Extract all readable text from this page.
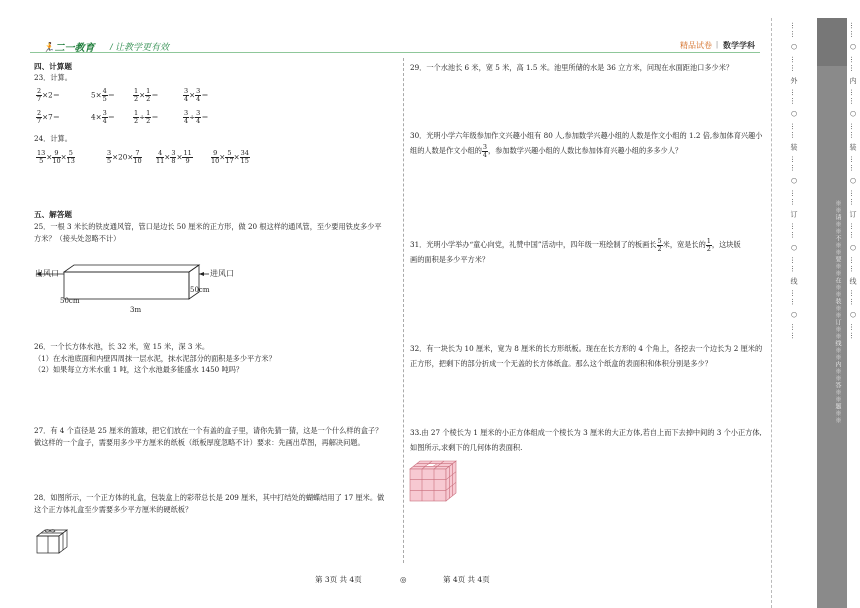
🏃二一教育 / 让教学更有效	精品试卷 | 数学学科
四、计算题
23．计算。
$\frac{2}{7} \times 2=$	$5\times \frac{4}{5}$ ＝	$\frac{1}{2} \times \frac{1}{2}$ ＝	$\frac{3}{4} \times \frac{3}{4}$ ＝
$\frac{2}{7} \times 7=$	$4\times \frac{3}{4}$ ＝	$\frac{1}{2} \div \frac{1}{2}$ ＝	$\frac{3}{4} \div \frac{3}{4}$ ＝
24．计算。
$\frac{13}{5} \times \frac{9}{10} \times \frac{5}{13}$	$\frac{3}{5} \times 20\times \frac{7}{10} \frac{4}{11} \times \frac{3}{8} \times \frac{11}{9}$	$\frac{9}{10} \times \frac{5}{17} \times \frac{34}{15}$
五、解答题
25．一根 3 米长的铁皮通风管，管口是边长 50 厘米的正方形，做 20 根这样的通风管，至少要用铁皮多少平
方米？（接头处忽略不计）
出风口	进风口
50cm
50cm
3m
26．一个长方体水池，长 32 米，宽 15 米，深 3 米。
（1）在水池底面和内壁四周抹一层水泥，抹水泥部分的面积是多少平方米？
（2）如果每立方米水重 1 吨，这个水池最多能盛水 1450 吨吗？
27．有 4 个直径是 25 厘米的篮球，把它们放在一个有盖的盒子里，请你先猜一猜，这是一个什么样的盒子？
做这样的一个盒子，需要用多少平方厘米的纸板（纸板厚度忽略不计）要求：先画出草图，再解决问题。
28．如图所示，一个正方体的礼盒，包装盒上的彩带总长是 209 厘米，其中打结处的蝴蝶结用了 17 厘米。做
这个正方体礼盒至少需要多少平方厘米的硬纸板？
29．一个水池长 6 米，宽 5 米，高 1.5 米。池里所储的水是 36 立方米，问现在水面距池口多少米？
30．光明小学六年级参加作文兴趣小组有 80 人,参加数学兴趣小组的人数是作文小组的 1.2 倍,参加体育兴趣小
组的人数是作文小组的 $\frac{3}{4}$ ，参加数学兴趣小组的人数比参加体育兴趣小组的多多少人？
31．光明小学举办“童心向党，礼赞中国”活动中，四年级一班绘制了的板画长 $\frac{5}{2}$ 米，宽是长的 $\frac{1}{2}$ ，这块版
画的面积是多少平方米？
32．有一块长为 10 厘米，宽为 8 厘米的长方形纸板。现在在长方形的 4 个角上，各挖去一个边长为 2 厘米的
正方形，把剩下的部分折成一个无盖的长方体纸盒。那么这个纸盒的表面积和体积分别是多少？
33.由 27 个棱长为 1 厘米的小正方体组成一个棱长为 3 厘米的大正方体,若自上而下去掉中间的 3 个小正方体,
如图所示,求剩下的几何体的表面积.
第 3页 共 4页	◎	第 4页 共 4页
…… ○ …… 外 …… ○ …… 装 …… ○ …… 订 …… ○ …… 线 …… ○ ……	※※请※※不※※要※※在※※装※※订※※线※※内※※答※※题※※ …… ○ …… 内 …… ○ …… 装 …… ○ …… 订 …… ○ …… 线 …… ○ ……
